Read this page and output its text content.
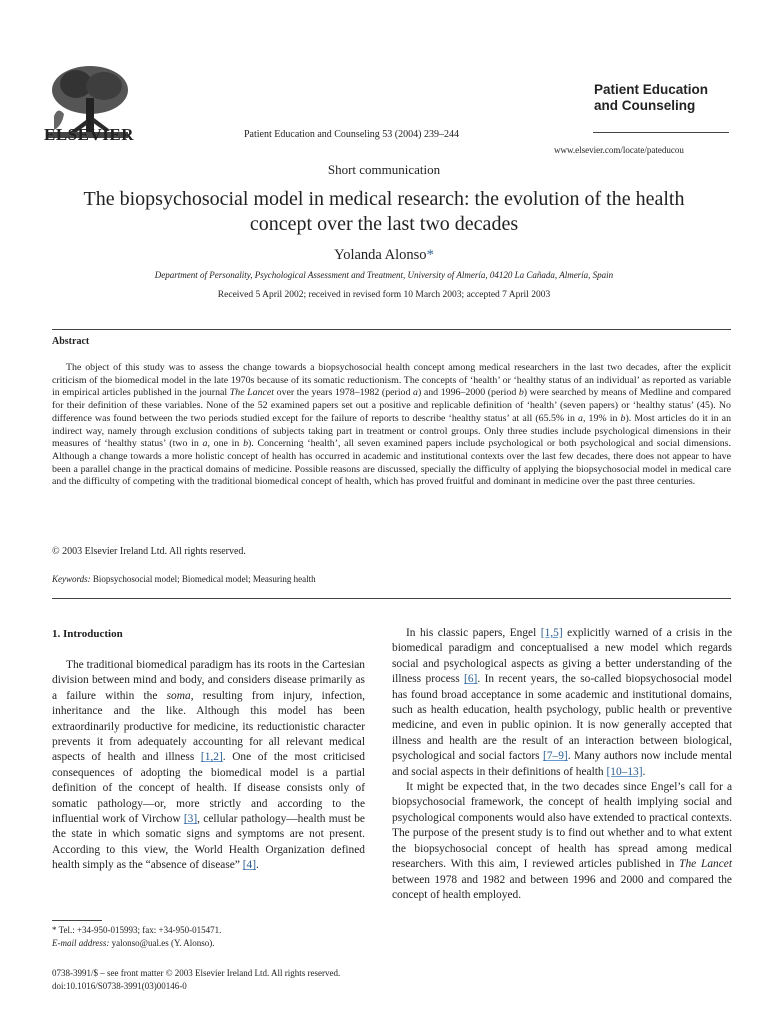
ELSEVIER	Patient Education and Counseling 53 (2004) 239–244
Patient Education
and Counseling
www.elsevier.com/locate/pateducou
Short communication
The biopsychosocial model in medical research: the evolution of the health concept over the last two decades
Yolanda Alonso*
Department of Personality, Psychological Assessment and Treatment, University of Almería, 04120 La Cañada, Almería, Spain
Received 5 April 2002; received in revised form 10 March 2003; accepted 7 April 2003
Abstract
The object of this study was to assess the change towards a biopsychosocial health concept among medical researchers in the last two decades, after the explicit criticism of the biomedical model in the late 1970s because of its somatic reductionism. The concepts of ‘health’ or ‘healthy status of an individual’ as reported as variable in empirical articles published in the journal The Lancet over the years 1978–1982 (period a) and 1996–2000 (period b) were searched by means of Medline and compared for their definition of these variables. None of the 52 examined papers set out a positive and replicable definition of ‘health’ (seven papers) or ‘healthy status’ (45). No difference was found between the two periods studied except for the failure of reports to describe ‘healthy status’ at all (65.5% in a, 19% in b). Most articles do it in an indirect way, namely through exclusion conditions of subjects taking part in treatment or control groups. Only three studies include psychological dimensions in their measures of ‘healthy status’ (two in a, one in b). Concerning ‘health’, all seven examined papers include psychological or both psychological and social dimensions. Although a change towards a more holistic concept of health has occurred in academic and institutional contexts over the last few decades, there does not appear to have been a parallel change in the practical domains of medicine. Possible reasons are discussed, specially the difficulty of applying the biopsychosocial model in medical care and the difficulty of competing with the traditional biomedical concept of health, which has proved fruitful and dominant in medicine over the past three centuries.
© 2003 Elsevier Ireland Ltd. All rights reserved.
Keywords: Biopsychosocial model; Biomedical model; Measuring health
1. Introduction
The traditional biomedical paradigm has its roots in the Cartesian division between mind and body, and considers disease primarily as a failure within the soma, resulting from injury, infection, inheritance and the like. Although this model has been extraordinarily productive for medicine, its reductionistic character prevents it from adequately accounting for all relevant medical aspects of health and illness [1,2]. One of the most criticised consequences of adopting the biomedical model is a partial definition of the concept of health. If disease consists only of somatic pathology—or, more strictly and according to the influential work of Virchow [3], cellular pathology—health must be the state in which somatic signs and symptoms are not present. According to this view, the World Health Organization defined health simply as the “absence of disease” [4].

In his classic papers, Engel [1,5] explicitly warned of a crisis in the biomedical paradigm and conceptualised a new model which regards social and psychological aspects as giving a better understanding of the illness process [6]. In recent years, the so-called biopsychosocial model has found broad acceptance in some academic and institutional domains, such as health education, health psychology, public health or preventive medicine, and even in public opinion. It is now generally accepted that illness and health are the result of an interaction between biological, psychological and social factors [7–9]. Many authors now include mental and social aspects in their definitions of health [10–13].

It might be expected that, in the two decades since Engel’s call for a biopsychosocial framework, the concept of health implying social and psychological components would also have extended to practical contexts. The purpose of the present study is to find out whether and to what extent the biopsychosocial concept of health has spread among medical researchers. With this aim, I reviewed articles published in The Lancet between 1978 and 1982 and between 1996 and 2000 and compared the concept of health employed.

* Tel.: +34-950-015993; fax: +34-950-015471.
E-mail address: yalonso@ual.es (Y. Alonso).
0738-3991/$ – see front matter © 2003 Elsevier Ireland Ltd. All rights reserved.
doi:10.1016/S0738-3991(03)00146-0
